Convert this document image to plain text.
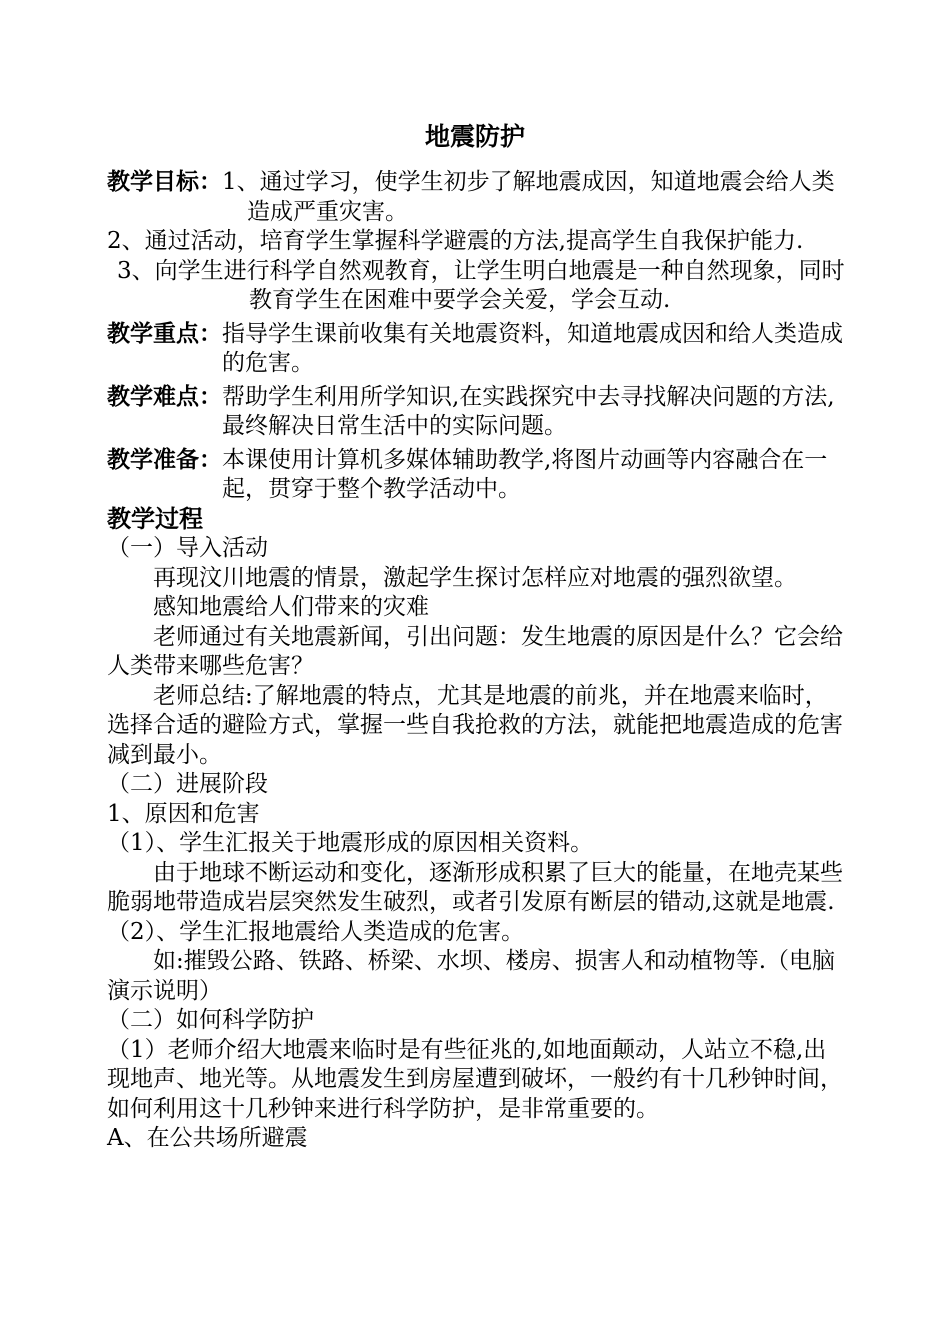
地震防护

教学目标：1、通过学习，使学生初步了解地震成因，知道地震会给人类造成严重灾害。

2、通过活动，培育学生掌握科学避震的方法,提高学生自我保护能力.

3、向学生进行科学自然观教育，让学生明白地震是一种自然现象，同时教育学生在困难中要学会关爱，学会互动.

教学重点： 指导学生课前收集有关地震资料，知道地震成因和给人类造成的危害。
教学难点： 帮助学生利用所学知识,在实践探究中去寻找解决问题的方法,最终解决日常生活中的实际问题。
教学准备： 本课使用计算机多媒体辅助教学,将图片动画等内容融合在一起，贯穿于整个教学活动中。
教学过程

（一）导入活动

再现汶川地震的情景，激起学生探讨怎样应对地震的强烈欲望。

感知地震给人们带来的灾难

老师通过有关地震新闻，引出问题：发生地震的原因是什么？它会给人类带来哪些危害？

老师总结:了解地震的特点，尤其是地震的前兆，并在地震来临时，选择合适的避险方式，掌握一些自我抢救的方法，就能把地震造成的危害减到最小。

（二）进展阶段

1、原因和危害

（1）、学生汇报关于地震形成的原因相关资料。

由于地球不断运动和变化，逐渐形成积累了巨大的能量，在地壳某些脆弱地带造成岩层突然发生破烈，或者引发原有断层的错动,这就是地震.

（2）、学生汇报地震给人类造成的危害。

如:摧毁公路、铁路、桥梁、水坝、楼房、损害人和动植物等.（电脑演示说明）

（二）如何科学防护

（1）老师介绍大地震来临时是有些征兆的,如地面颠动，人站立不稳,出现地声、地光等。从地震发生到房屋遭到破坏，一般约有十几秒钟时间，如何利用这十几秒钟来进行科学防护，是非常重要的。

A、在公共场所避震
